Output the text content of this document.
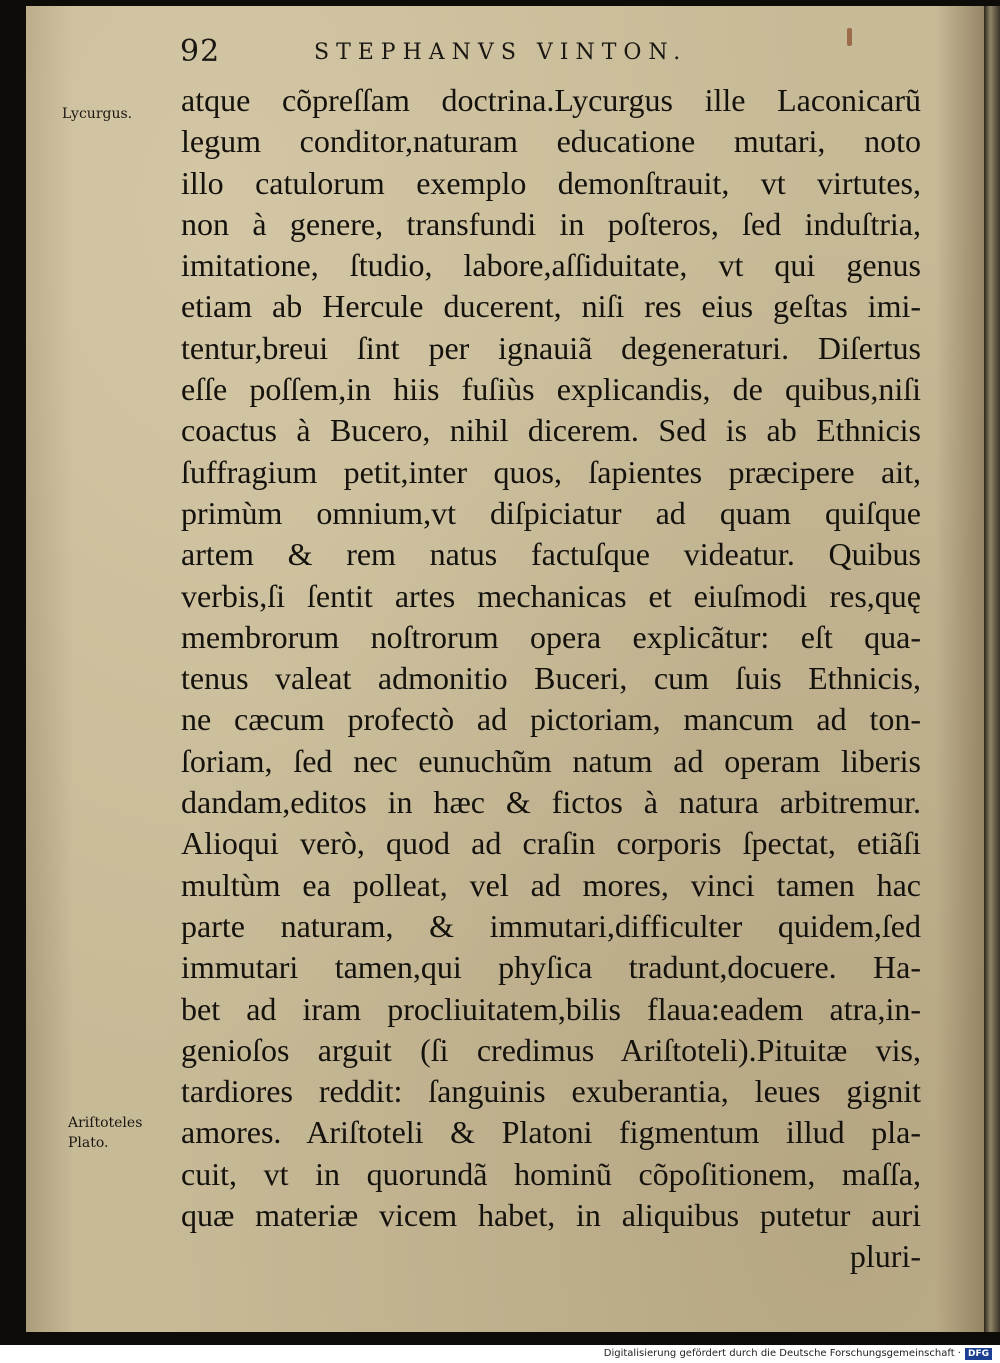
92	STEPHANVS VINTON.
Lycurgus.
Ariſtoteles
Plato.
atque cõpreſſam doctrina.Lycurgus ille Laconicarũ
legum conditor,naturam educatione mutari, noto
illo catulorum exemplo demonſtrauit, vt virtutes,
non à genere, transfundi in poſteros, ſed induſtria,
imitatione, ſtudio, labore,aſſiduitate, vt qui genus
etiam ab Hercule ducerent, niſi res eius geſtas imi-
tentur,breui ſint per ignauiã degeneraturi. Diſertus
eſſe poſſem,in hiis fuſiùs explicandis, de quibus,niſi
coactus à Bucero, nihil dicerem. Sed is ab Ethnicis
ſuffragium petit,inter quos, ſapientes præcipere ait,
primùm omnium,vt diſpiciatur ad quam quiſque
artem & rem natus factuſque videatur. Quibus
verbis,ſi ſentit artes mechanicas et eiuſmodi res,quę
membrorum noſtrorum opera explicãtur: eſt qua-
tenus valeat admonitio Buceri, cum ſuis Ethnicis,
ne cæcum profectò ad pictoriam, mancum ad ton-
ſoriam, ſed nec eunuchũm natum ad operam liberis
dandam,editos in hæc & fictos à natura arbitremur.
Alioqui verò, quod ad craſin corporis ſpectat, etiãſi
multùm ea polleat, vel ad mores, vinci tamen hac
parte naturam, & immutari,difficulter quidem,ſed
immutari tamen,qui phyſica tradunt,docuere. Ha-
bet ad iram procliuitatem,bilis flaua:eadem atra,in-
genioſos arguit (ſi credimus Ariſtoteli).Pituitæ vis,
tardiores reddit: ſanguinis exuberantia, leues gignit
amores. Ariſtoteli & Platoni figmentum illud pla-
cuit, vt in quorundã hominũ cõpoſitionem, maſſa,
quæ materiæ vicem habet, in aliquibus putetur auri
pluri-
Digitalisierung gefördert durch die Deutsche Forschungsgemeinschaft · DFG
